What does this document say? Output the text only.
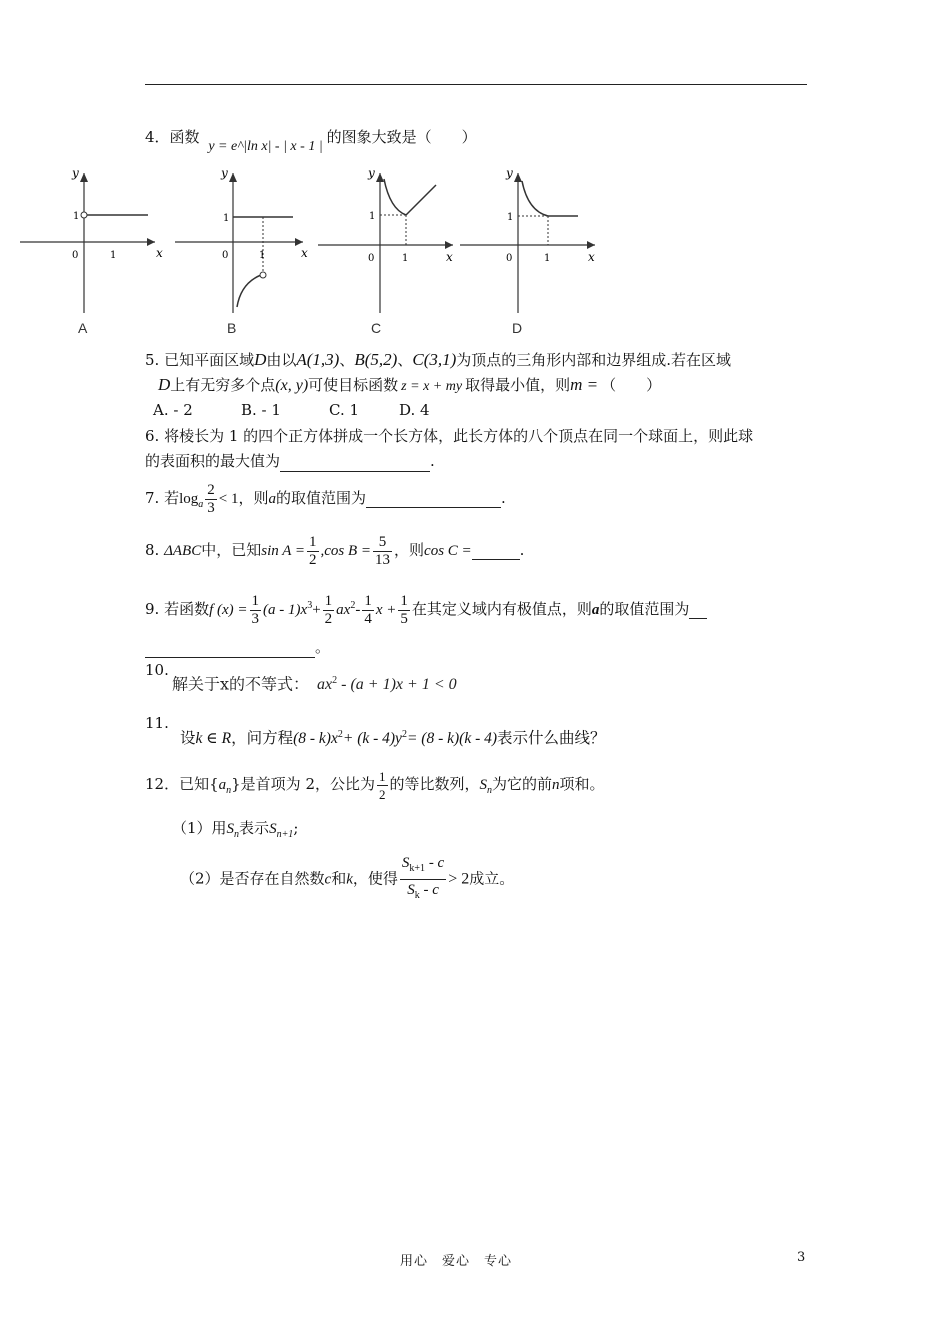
4．函数 y = e^|ln x| - | x - 1 |的图象大致是（　　）
y
x
0	1
1
A
y
x
0	1
1
B
y
x
0	1
1
C
y
x
0	1
1
D
5. 已知平面区域D由以A(1,3)、B(5,2)、C(3,1)为顶点的三角形内部和边界组成.若在区域
D上有无穷多个点(x, y)可使目标函数 z = x + my 取得最小值，则m = （　　）
A. - 2	B. - 1	C. 1	D. 4
6. 将棱长为 1 的四个正方体拼成一个长方体，此长方体的八个顶点在同一个球面上，则此球
的表面积的最大值为	.
7. 若$\log_a \frac{2}{3} < 1$，则a的取值范围为	.
8. ΔABC中，已知$\sin A = \frac{1}{2} ,\cos$ $B = \frac{5}{13}$ ，则cos C =	.
9. 若函数f $(x) = \frac{1}{3} (a - 1)x^3+ \frac{1}{2} ax^2- \frac{1}{4}$ $x + \frac{1}{5}$ 在其定义域内有极值点，则a的取值范围为
。
10.
解关于x的不等式： $ax^2 - (a + 1)x + 1 < 0$
11.
设k ∈ R，问方程$(8 - k)x^2+ (k - 4)y^2= (8 - k)(k - 4)$表示什么曲线？
12．已知$\{a_n\}$是首项为 2，公比为 $\frac{1}{2}$ 的等比数列，$S_n$为它的前n项和。
（1）用$S_n$表示$S_{n+1}$;
（2）是否存在自然数c和k，使得 $\frac{S_{k+1} - c}{S_k - c} > 2$成立。
用心　爱心　专心	3
